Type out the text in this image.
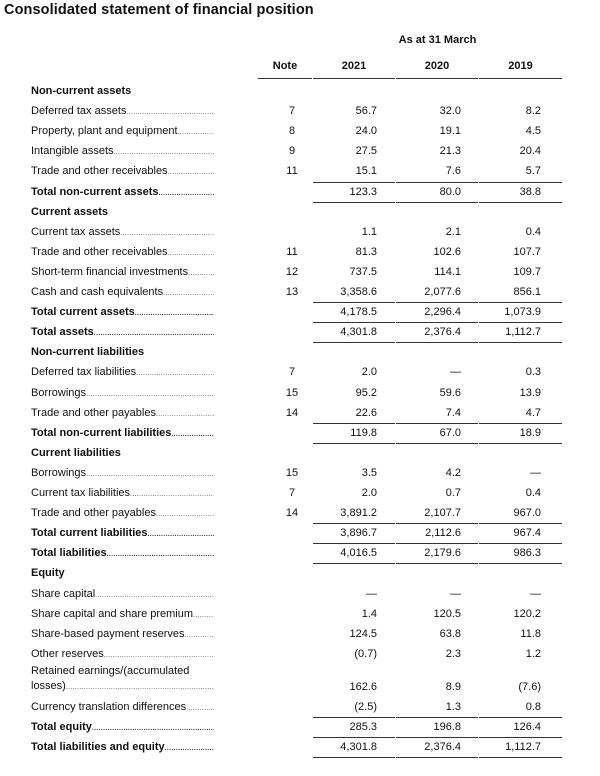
Consolidated statement of financial position
As at 31 March
Note	2021	2020	2019
Non-current assets
Deferred tax assets .....	7	56.7	32.0	8.2
Property, plant and equipment .....	8	24.0	19.1	4.5
Intangible assets .....	9	27.5	21.3	20.4
Trade and other receivables .....	11	15.1	7.6	5.7
Total non-current assets .....	123.3	80.0	38.8
Current assets
Current tax assets .....	1.1	2.1	0.4
Trade and other receivables .....	11	81.3	102.6	107.7
Short-term financial investments .....	12	737.5	114.1	109.7
Cash and cash equivalents .....	13	3,358.6	2,077.6	856.1
Total current assets .....	4,178.5	2,296.4	1,073.9
Total assets .....	4,301.8	2,376.4	1,112.7
Non-current liabilities
Deferred tax liabilities .....	7	2.0	—	0.3
Borrowings .....	15	95.2	59.6	13.9
Trade and other payables .....	14	22.6	7.4	4.7
Total non-current liabilities .....	119.8	67.0	18.9
Current liabilities
Borrowings .....	15	3.5	4.2	—
Current tax liabilities .....	7	2.0	0.7	0.4
Trade and other payables .....	14	3,891.2	2,107.7	967.0
Total current liabilities .....	3,896.7	2,112.6	967.4
Total liabilities .....	4,016.5	2,179.6	986.3
Equity
Share capital .....	—	—	—
Share capital and share premium .....	1.4	120.5	120.2
Share-based payment reserves .....	124.5	63.8	11.8
Other reserves .....	(0.7)	2.3	1.2
Retained earnings/(accumulated losses) .....	162.6	8.9	(7.6)
Currency translation differences .....	(2.5)	1.3	0.8
Total equity .....	285.3	196.8	126.4
Total liabilities and equity .....	4,301.8	2,376.4	1,112.7
